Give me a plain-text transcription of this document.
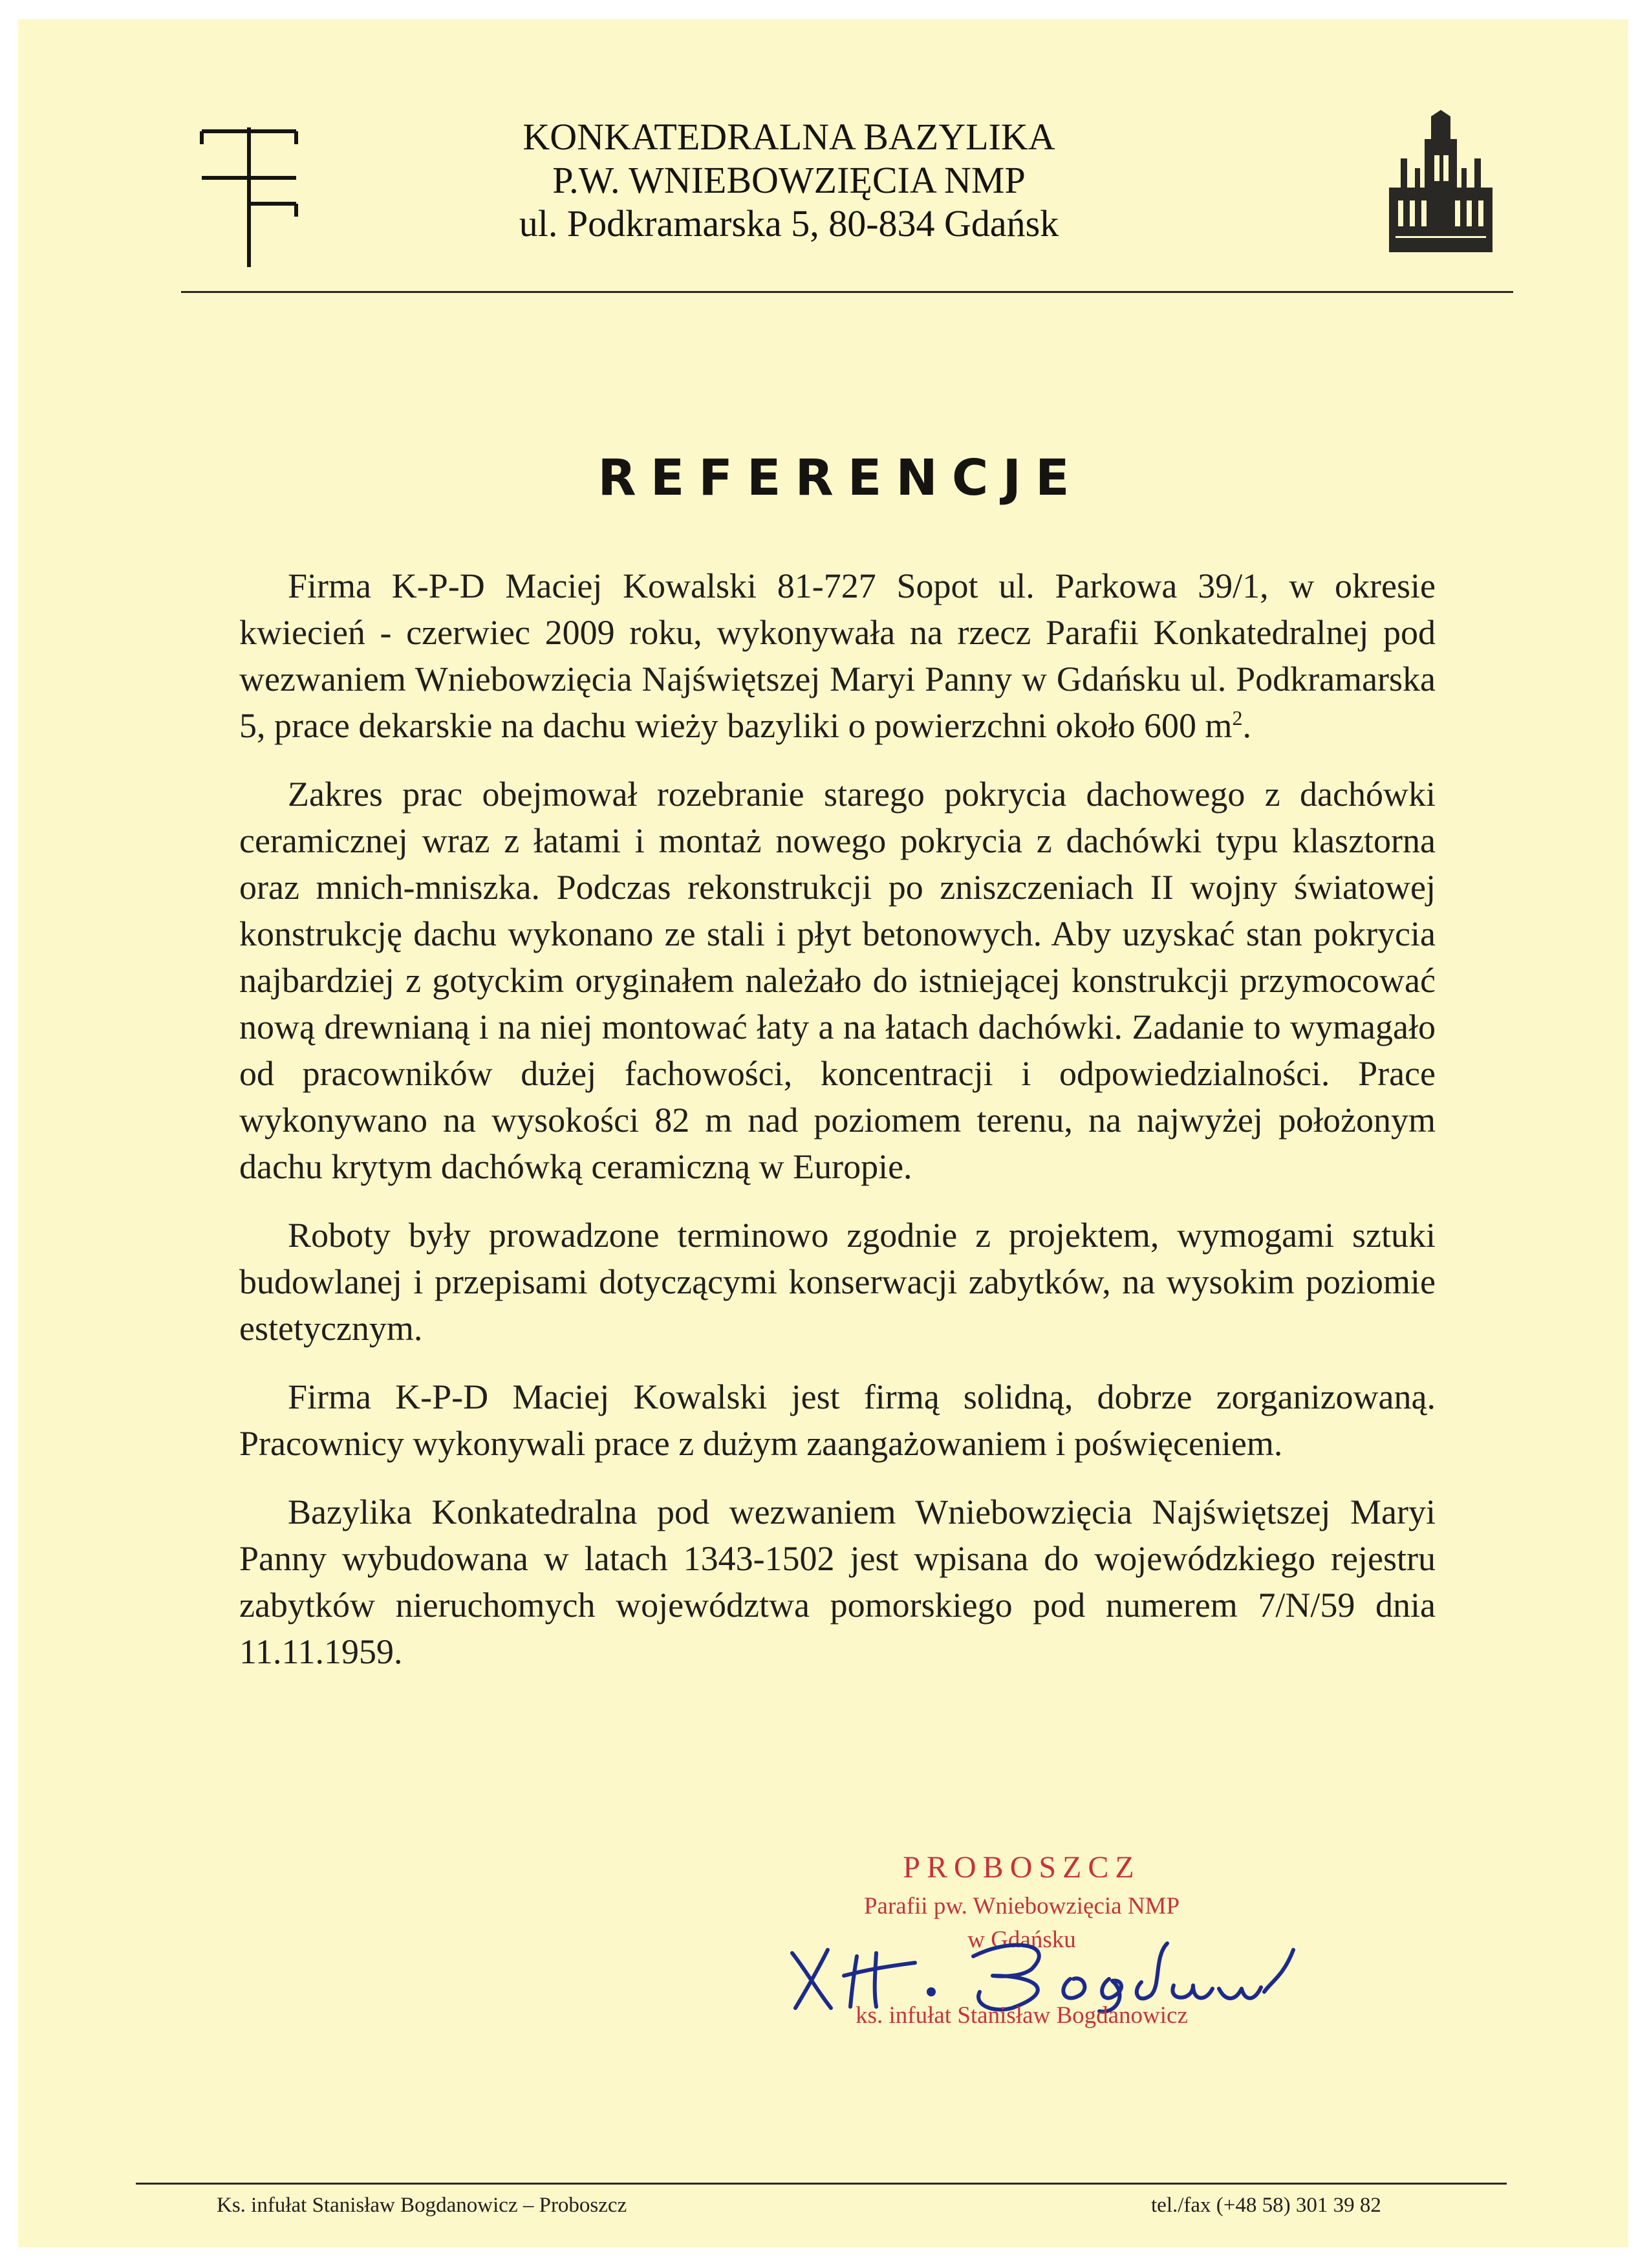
KONKATEDRALNA BAZYLIKA
P.W. WNIEBOWZIĘCIA NMP
ul. Podkramarska 5, 80-834 Gdańsk
REFERENCJE

Firma K-P-D Maciej Kowalski 81-727 Sopot ul. Parkowa 39/1, w okresie kwiecień - czerwiec 2009 roku, wykonywała na rzecz Parafii Konkatedralnej pod wezwaniem Wniebowzięcia Najświętszej Maryi Panny w Gdańsku ul. Podkramarska 5, prace dekarskie na dachu wieży bazyliki o powierzchni około 600 $m^2$.

Zakres prac obejmował rozebranie starego pokrycia dachowego z dachówki ceramicznej wraz z łatami i montaż nowego pokrycia z dachówki typu klasztorna oraz mnich-mniszka. Podczas rekonstrukcji po zniszczeniach II wojny światowej konstrukcję dachu wykonano ze stali i płyt betonowych. Aby uzyskać stan pokrycia najbardziej z gotyckim oryginałem należało do istniejącej konstrukcji przymocować nową drewnianą i na niej montować łaty a na łatach dachówki. Zadanie to wymagało od pracowników dużej fachowości, koncentracji i odpowiedzialności. Prace wykonywano na wysokości 82 m nad poziomem terenu, na najwyżej położonym dachu krytym dachówką ceramiczną w Europie.

Roboty były prowadzone terminowo zgodnie z projektem, wymogami sztuki budowlanej i przepisami dotyczącymi konserwacji zabytków, na wysokim poziomie estetycznym.

Firma K-P-D Maciej Kowalski jest firmą solidną, dobrze zorganizowaną. Pracownicy wykonywali prace z dużym zaangażowaniem i poświęceniem.

Bazylika Konkatedralna pod wezwaniem Wniebowzięcia Najświętszej Maryi Panny wybudowana w latach 1343-1502 jest wpisana do wojewódzkiego rejestru zabytków nieruchomych województwa pomorskiego pod numerem 7/N/59 dnia 11.11.1959.

PROBOSZCZ
Parafii pw. Wniebowzięcia NMP
w Gdańsku
ks. infułat Stanisław Bogdanowicz
Ks. infułat Stanisław Bogdanowicz – Proboszcz	tel./fax (+48 58) 301 39 82
